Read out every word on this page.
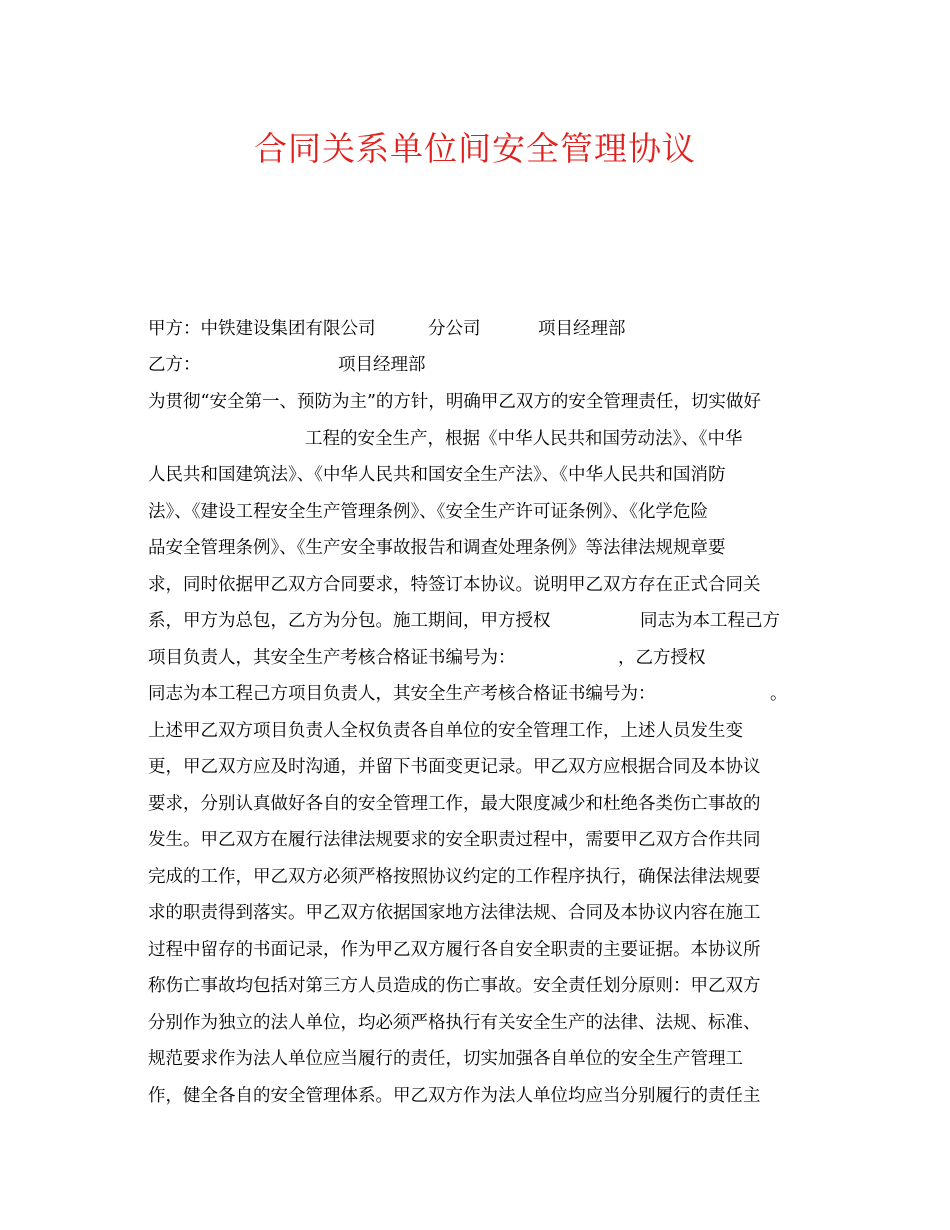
合同关系单位间安全管理协议
甲方：中铁建设集团有限公司	分公司	项目经理部
乙方：	项目经理部
为贯彻“安全第一、预防为主”的方针，明确甲乙双方的安全管理责任，切实做好
工程的安全生产，根据《中华人民共和国劳动法》、《中华
人民共和国建筑法》、《中华人民共和国安全生产法》、《中华人民共和国消防
法》、《建设工程安全生产管理条例》、《安全生产许可证条例》、《化学危险
品安全管理条例》、《生产安全事故报告和调查处理条例》等法律法规规章要
求，同时依据甲乙双方合同要求，特签订本协议。说明甲乙双方存在正式合同关
系，甲方为总包，乙方为分包。施工期间，甲方授权	同志为本工程己方
项目负责人，其安全生产考核合格证书编号为：	，乙方授权
同志为本工程己方项目负责人，其安全生产考核合格证书编号为：	。
上述甲乙双方项目负责人全权负责各自单位的安全管理工作，上述人员发生变
更，甲乙双方应及时沟通，并留下书面变更记录。甲乙双方应根据合同及本协议
要求，分别认真做好各自的安全管理工作，最大限度减少和杜绝各类伤亡事故的
发生。甲乙双方在履行法律法规要求的安全职责过程中，需要甲乙双方合作共同
完成的工作，甲乙双方必须严格按照协议约定的工作程序执行，确保法律法规要
求的职责得到落实。甲乙双方依据国家地方法律法规、合同及本协议内容在施工
过程中留存的书面记录，作为甲乙双方履行各自安全职责的主要证据。本协议所
称伤亡事故均包括对第三方人员造成的伤亡事故。安全责任划分原则：甲乙双方
分别作为独立的法人单位，均必须严格执行有关安全生产的法律、法规、标准、
规范要求作为法人单位应当履行的责任，切实加强各自单位的安全生产管理工
作，健全各自的安全管理体系。甲乙双方作为法人单位均应当分别履行的责任主
